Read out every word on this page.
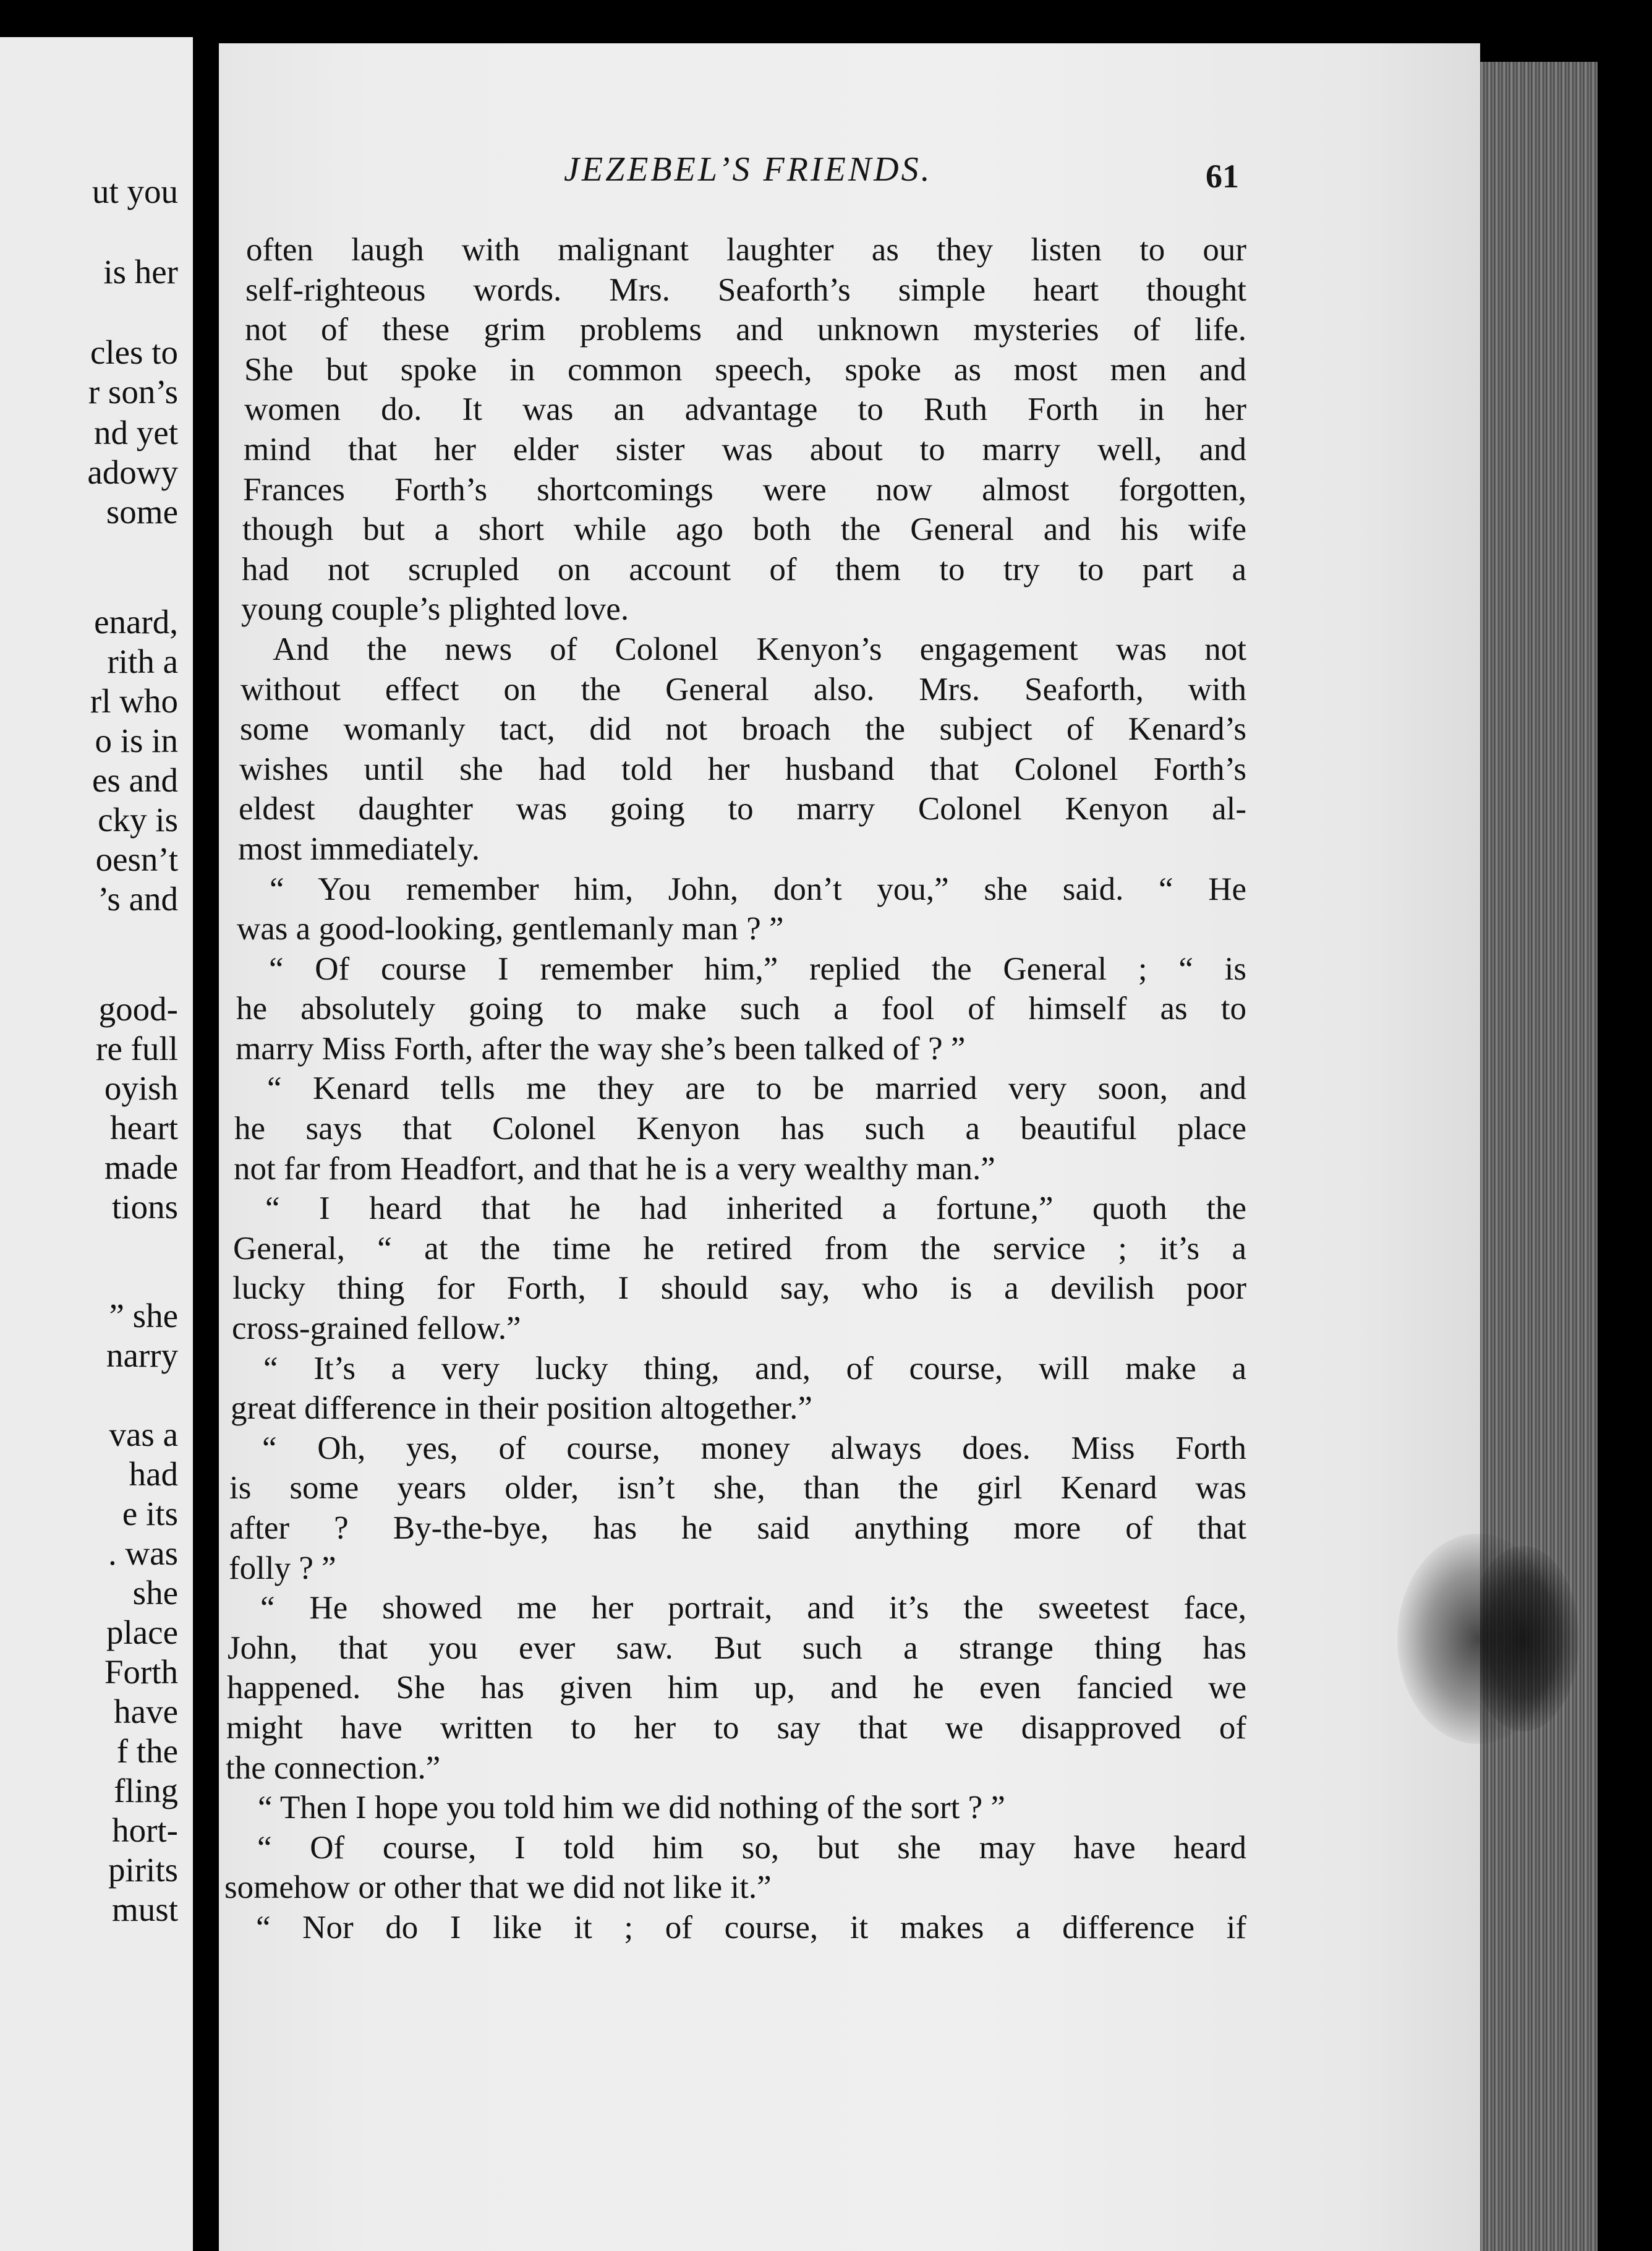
ut you
is her
cles to
r son’s
nd yet
adowy
some
enard,
rith a
rl who
o is in
es and
cky is
oesn’t
’s and
good-
re full
oyish
heart
made
tions
” she
narry
vas a
had
e its
. was
she
place
Forth
have
f the
fling
hort-
pirits
must
JEZEBEL’S FRIENDS.	61
often laugh with malignant laughter as they listen to our
self-righteous words. Mrs. Seaforth’s simple heart thought
not of these grim problems and unknown mysteries of life.
She but spoke in common speech, spoke as most men and
women do. It was an advantage to Ruth Forth in her
mind that her elder sister was about to marry well, and
Frances Forth’s shortcomings were now almost forgotten,
though but a short while ago both the General and his wife
had not scrupled on account of them to try to part a
young couple’s plighted love.
And the news of Colonel Kenyon’s engagement was not
without effect on the General also. Mrs. Seaforth, with
some womanly tact, did not broach the subject of Kenard’s
wishes until she had told her husband that Colonel Forth’s
eldest daughter was going to marry Colonel Kenyon al-
most immediately.
“ You remember him, John, don’t you,” she said. “ He
was a good-looking, gentlemanly man ? ”
“ Of course I remember him,” replied the General ; “ is
he absolutely going to make such a fool of himself as to
marry Miss Forth, after the way she’s been talked of ? ”
“ Kenard tells me they are to be married very soon, and
he says that Colonel Kenyon has such a beautiful place
not far from Headfort, and that he is a very wealthy man.”
“ I heard that he had inherited a fortune,” quoth the
General, “ at the time he retired from the service ; it’s a
lucky thing for Forth, I should say, who is a devilish poor
cross-grained fellow.”
“ It’s a very lucky thing, and, of course, will make a
great difference in their position altogether.”
“ Oh, yes, of course, money always does. Miss Forth
is some years older, isn’t she, than the girl Kenard was
after ? By-the-bye, has he said anything more of that
folly ? ”
“ He showed me her portrait, and it’s the sweetest face,
John, that you ever saw. But such a strange thing has
happened. She has given him up, and he even fancied we
might have written to her to say that we disapproved of
the connection.”
“ Then I hope you told him we did nothing of the sort ? ”
“ Of course, I told him so, but she may have heard
somehow or other that we did not like it.”
“ Nor do I like it ; of course, it makes a difference if
